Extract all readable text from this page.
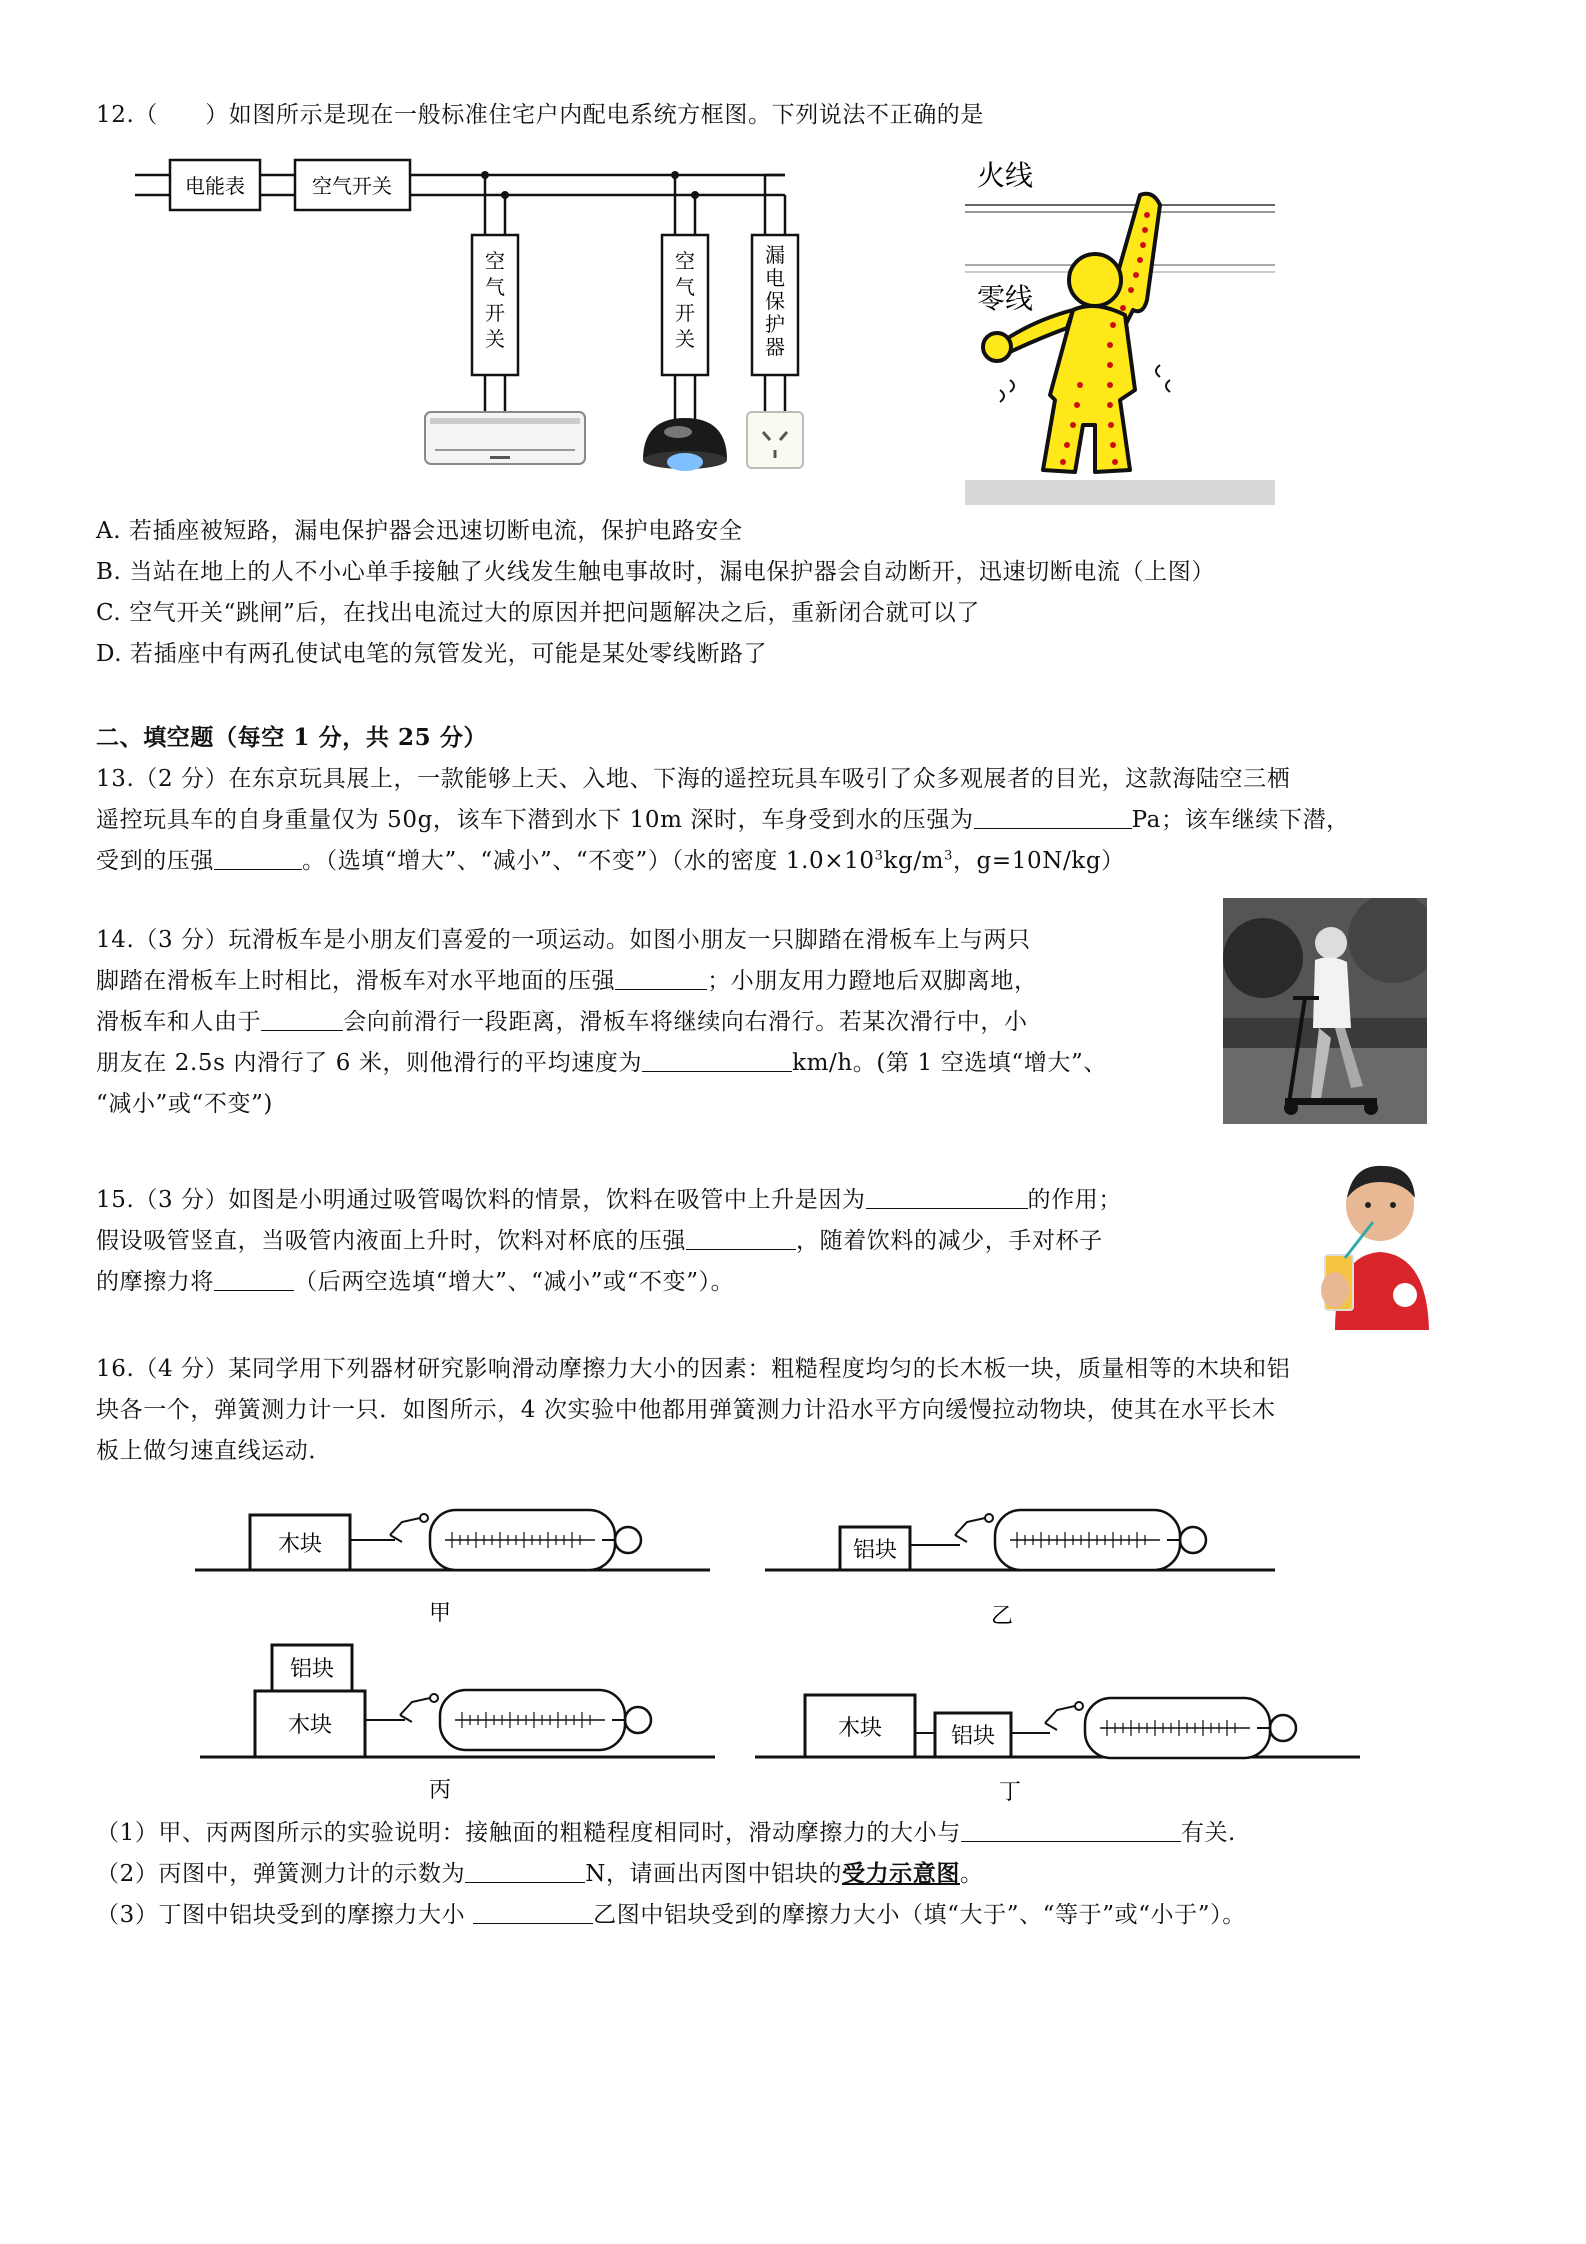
12.（　　）如图所示是现在一般标准住宅户内配电系统方框图。下列说法不正确的是
电能表	空气开关
空气开关
空气开关
漏电保护器
火线
零线
A. 若插座被短路，漏电保护器会迅速切断电流，保护电路安全
B. 当站在地上的人不小心单手接触了火线发生触电事故时，漏电保护器会自动断开，迅速切断电流（上图）
C. 空气开关“跳闸”后，在找出电流过大的原因并把问题解决之后，重新闭合就可以了
D. 若插座中有两孔使试电笔的氖管发光，可能是某处零线断路了
二、填空题（每空 1 分，共 25 分）
13.（2 分）在东京玩具展上，一款能够上天、入地、下海的遥控玩具车吸引了众多观展者的目光，这款海陆空三栖
遥控玩具车的自身重量仅为 50g，该车下潜到水下 10m 深时，车身受到水的压强为	Pa；该车继续下潜，
受到的压强	。（选填“增大”、“减小”、“不变”）（水的密度 $1.0\times 10^3kg/m^3$，g=10N/kg）
14.（3 分）玩滑板车是小朋友们喜爱的一项运动。如图小朋友一只脚踏在滑板车上与两只
脚踏在滑板车上时相比，滑板车对水平地面的压强	；小朋友用力蹬地后双脚离地，
滑板车和人由于	会向前滑行一段距离，滑板车将继续向右滑行。若某次滑行中，小
朋友在 2.5s 内滑行了 6 米，则他滑行的平均速度为	km/h。(第 1 空选填“增大”、
“减小”或“不变”)
15.（3 分）如图是小明通过吸管喝饮料的情景，饮料在吸管中上升是因为	的作用；
假设吸管竖直，当吸管内液面上升时，饮料对杯底的压强	，随着饮料的减少，手对杯子
的摩擦力将	（后两空选填“增大”、“减小”或“不变”）。
16.（4 分）某同学用下列器材研究影响滑动摩擦力大小的因素：粗糙程度均匀的长木板一块，质量相等的木块和铝
块各一个，弹簧测力计一只．如图所示，4 次实验中他都用弹簧测力计沿水平方向缓慢拉动物块，使其在水平长木
板上做匀速直线运动．
木块
甲
铝块
乙
铝块
木块
丙
木块	铝块
丁
（1）甲、丙两图所示的实验说明：接触面的粗糙程度相同时，滑动摩擦力的大小与	有关.
（2）丙图中，弹簧测力计的示数为	N，请画出丙图中铝块的受力示意图。
（3）丁图中铝块受到的摩擦力大小	乙图中铝块受到的摩擦力大小（填“大于”、“等于”或“小于”）。
